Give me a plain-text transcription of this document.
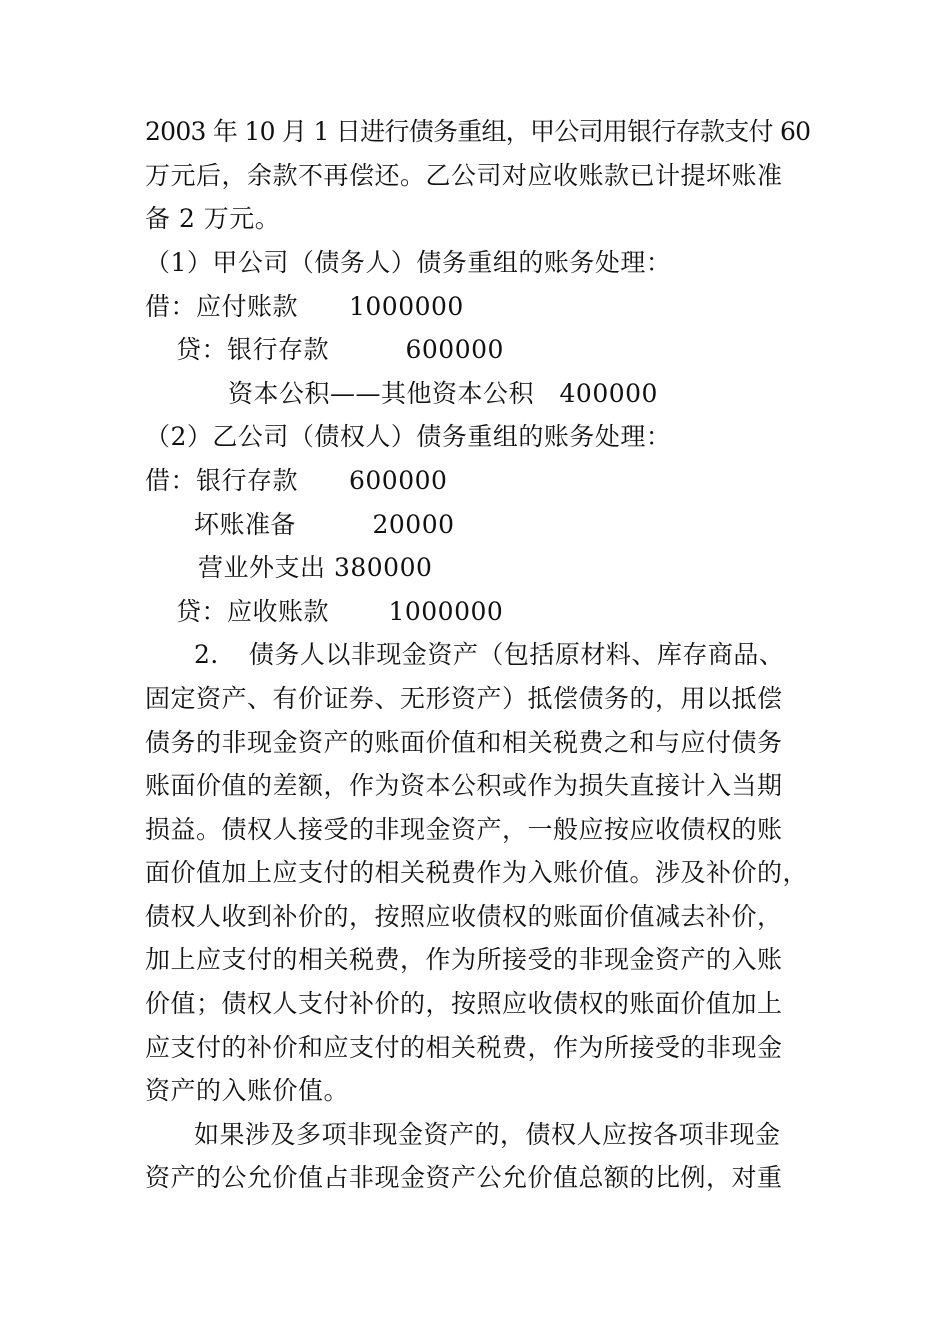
2003 年 10 月 1 日进行债务重组，甲公司用银行存款支付 60
万元后，余款不再偿还。乙公司对应收账款已计提坏账准
备 2 万元。
（1）甲公司（债务人）债务重组的账务处理：
借：应付账款　　1000000
贷：银行存款　　　600000
资本公积——其他资本公积　400000
（2）乙公司（债权人）债务重组的账务处理：
借：银行存款　　600000
坏账准备　　　20000
营业外支出 380000
贷：应收账款　　 1000000
2．　债务人以非现金资产（包括原材料、库存商品、
固定资产、有价证券、无形资产）抵偿债务的，用以抵偿
债务的非现金资产的账面价值和相关税费之和与应付债务
账面价值的差额，作为资本公积或作为损失直接计入当期
损益。债权人接受的非现金资产，一般应按应收债权的账
面价值加上应支付的相关税费作为入账价值。涉及补价的，
债权人收到补价的，按照应收债权的账面价值减去补价，
加上应支付的相关税费，作为所接受的非现金资产的入账
价值；债权人支付补价的，按照应收债权的账面价值加上
应支付的补价和应支付的相关税费，作为所接受的非现金
资产的入账价值。
如果涉及多项非现金资产的，债权人应按各项非现金
资产的公允价值占非现金资产公允价值总额的比例，对重
